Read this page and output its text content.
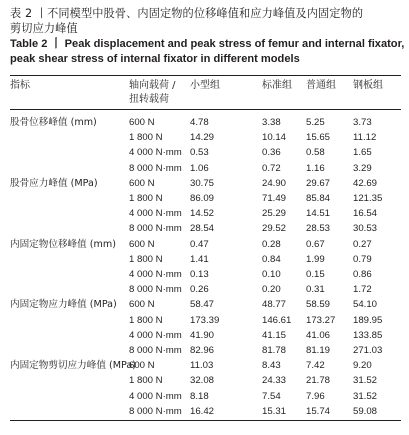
表 2 丨不同模型中股骨、内固定物的位移峰值和应力峰值及内固定物的
剪切应力峰值
Table 2 丨 Peak displacement and peak stress of femur and internal fixator,
peak shear stress of internal fixator in different models
指标	轴向载荷 /
扭转载荷
小型组	标准组 普通组 钢板组
股骨位移峰值 (mm)	600 N	4.78	3.38	5.25	3.73
1 800 N	14.29	10.14 15.65 11.12
4 000 N·mm 0.53	0.36	0.58	1.65
8 000 N·mm 1.06	0.72	1.16	3.29
股骨应力峰值 (MPa)	600 N	30.75	24.90 29.67 42.69
1 800 N	86.09	71.49 85.84 121.35
4 000 N·mm 14.52	25.29 14.51 16.54
8 000 N·mm 28.54	29.52 28.53 30.53
内固定物位移峰值 (mm) 600 N	0.47	0.28	0.67	0.27
1 800 N	1.41	0.84	1.99	0.79
4 000 N·mm 0.13	0.10	0.15	0.86
8 000 N·mm 0.26	0.20	0.31	1.72
内固定物应力峰值 (MPa) 600 N	58.47	48.77 58.59 54.10
1 800 N	173.39	146.61 173.27 189.95
4 000 N·mm 41.90	41.15 41.06 133.85
8 000 N·mm 82.96	81.78 81.19 271.03
内固定物剪切应力峰值 (MPa)
600 N	11.03	8.43	7.42	9.20
1 800 N	32.08	24.33 21.78 31.52
4 000 N·mm 8.18	7.54	7.96	31.52
8 000 N·mm 16.42	15.31 15.74 59.08
